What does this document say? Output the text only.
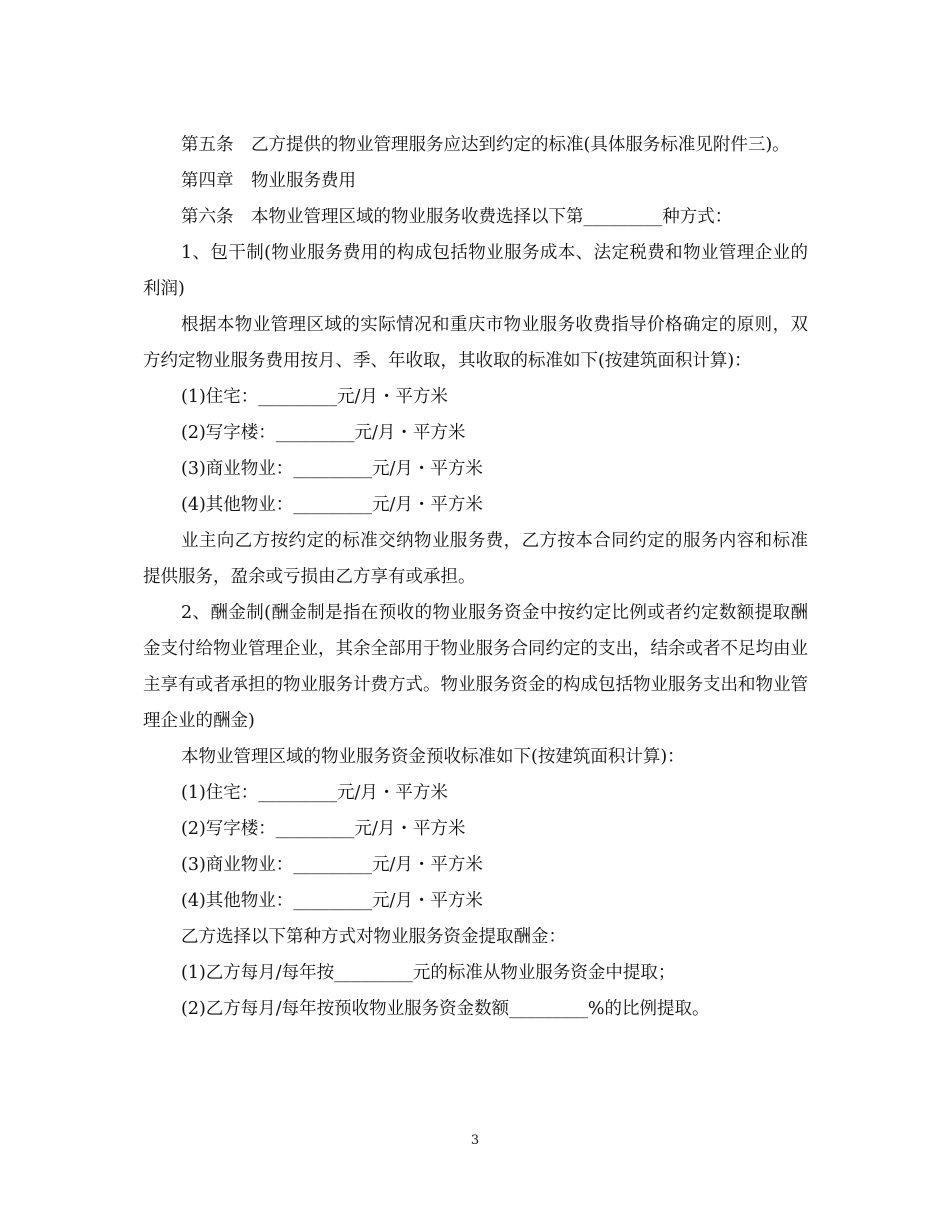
第五条　乙方提供的物业管理服务应达到约定的标准(具体服务标准见附件三)。

第四章　物业服务费用

第六条　本物业管理区域的物业服务收费选择以下第_________种方式：

1、包干制(物业服务费用的构成包括物业服务成本、法定税费和物业管理企业的利润)

根据本物业管理区域的实际情况和重庆市物业服务收费指导价格确定的原则，双方约定物业服务费用按月、季、年收取，其收取的标准如下(按建筑面积计算)：

(1)住宅：_________元/月・平方米

(2)写字楼：_________元/月・平方米

(3)商业物业：_________元/月・平方米

(4)其他物业：_________元/月・平方米

业主向乙方按约定的标准交纳物业服务费，乙方按本合同约定的服务内容和标准提供服务，盈余或亏损由乙方享有或承担。

2、酬金制(酬金制是指在预收的物业服务资金中按约定比例或者约定数额提取酬金支付给物业管理企业，其余全部用于物业服务合同约定的支出，结余或者不足均由业主享有或者承担的物业服务计费方式。物业服务资金的构成包括物业服务支出和物业管理企业的酬金)

本物业管理区域的物业服务资金预收标准如下(按建筑面积计算)：

(1)住宅：_________元/月・平方米

(2)写字楼：_________元/月・平方米

(3)商业物业：_________元/月・平方米

(4)其他物业：_________元/月・平方米

乙方选择以下第种方式对物业服务资金提取酬金：

(1)乙方每月/每年按_________元的标准从物业服务资金中提取；

(2)乙方每月/每年按预收物业服务资金数额_________%的比例提取。

3
